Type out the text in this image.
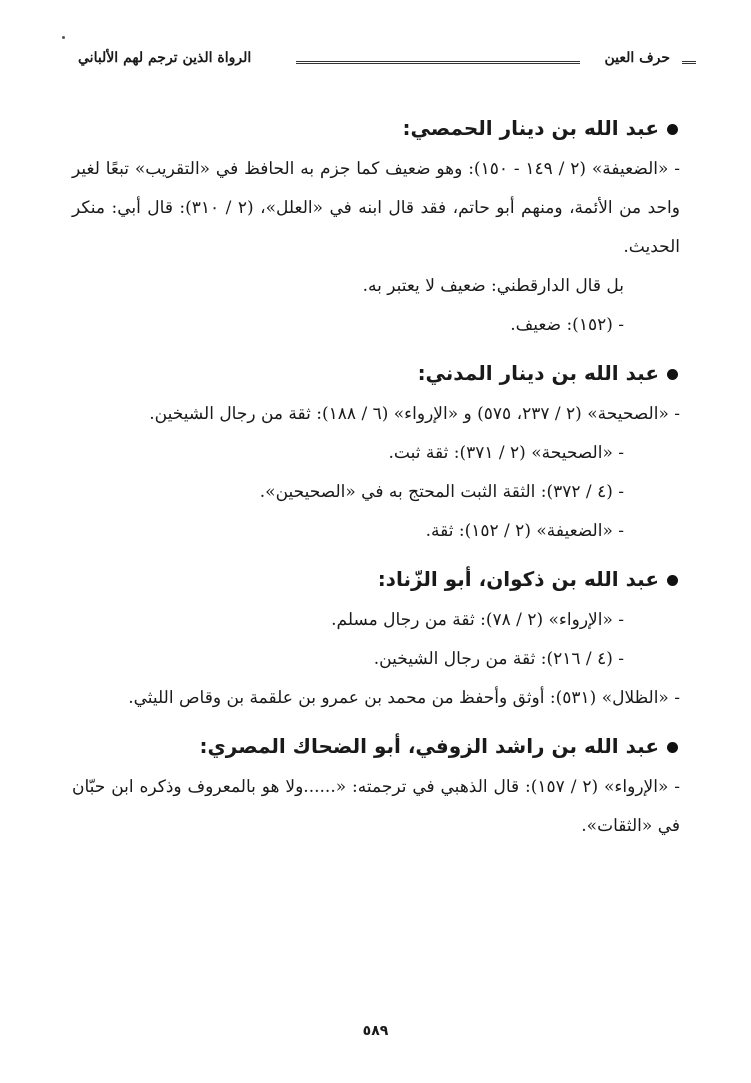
حرف العين
الرواة الذين ترجم لهم الألباني
عبد الله بن دينار الحمصي:

- «الضعيفة» (٢ / ١٤٩ - ١٥٠): وهو ضعيف كما جزم به الحافظ في «التقريب» تبعًا لغير واحد من الأئمة، ومنهم أبو حاتم، فقد قال ابنه في «العلل»، (٢ / ٣١٠): قال أبي: منكر الحديث.

بل قال الدارقطني: ضعيف لا يعتبر به.

- (١٥٢): ضعيف.

عبد الله بن دينار المدني:

- «الصحيحة» (٢ / ٢٣٧، ٥٧٥) و «الإرواء» (٦ / ١٨٨): ثقة من رجال الشيخين.

- «الصحيحة» (٢ / ٣٧١): ثقة ثبت.

- (٤ / ٣٧٢): الثقة الثبت المحتج به في «الصحيحين».

- «الضعيفة» (٢ / ١٥٢): ثقة.

عبد الله بن ذكوان، أبو الزّناد:

- «الإرواء» (٢ / ٧٨): ثقة من رجال مسلم.

- (٤ / ٢١٦): ثقة من رجال الشيخين.

- «الظلال» (٥٣١): أوثق وأحفظ من محمد بن عمرو بن علقمة بن وقاص الليثي.

عبد الله بن راشد الزوفي، أبو الضحاك المصري:

- «الإرواء» (٢ / ١٥٧): قال الذهبي في ترجمته: «......ولا هو بالمعروف وذكره ابن حبّان في «الثقات».

٥٨٩
